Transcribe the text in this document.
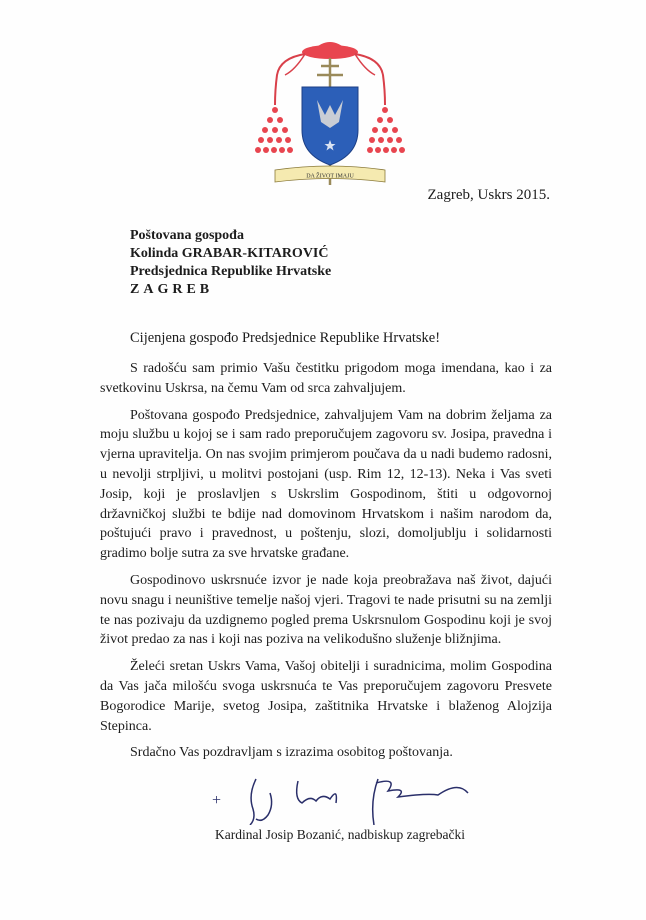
DA ŽIVOT IMAJU
Zagreb, Uskrs 2015.
Poštovana gospođa
Kolinda GRABAR-KITAROVIĆ
Predsjednica Republike Hrvatske
ZAGREB
Cijenjena gospođo Predsjednice Republike Hrvatske!

S radošću sam primio Vašu čestitku prigodom moga imendana, kao i za svetkovinu Uskrsa, na čemu Vam od srca zahvaljujem.

Poštovana gospođo Predsjednice, zahvaljujem Vam na dobrim željama za moju službu u kojoj se i sam rado preporučujem zagovoru sv. Josipa, pravedna i vjerna upravitelja. On nas svojim primjerom poučava da u nadi budemo radosni, u nevolji strpljivi, u molitvi postojani (usp. Rim 12, 12-13). Neka i Vas sveti Josip, koji je proslavljen s Uskrslim Gospodinom, štiti u odgovornoj državničkoj službi te bdije nad domovinom Hrvatskom i našim narodom da, poštujući pravo i pravednost, u poštenju, slozi, domoljublju i solidarnosti gradimo bolje sutra za sve hrvatske građane.

Gospodinovo uskrsnuće izvor je nade koja preobražava naš život, dajući novu snagu i neuništive temelje našoj vjeri. Tragovi te nade prisutni su na zemlji te nas pozivaju da uzdignemo pogled prema Uskrsnulom Gospodinu koji je svoj život predao za nas i koji nas poziva na velikodušno služenje bližnjima.

Želeći sretan Uskrs Vama, Vašoj obitelji i suradnicima, molim Gospodina da Vas jača milošću svoga uskrsnuća te Vas preporučujem zagovoru Presvete Bogorodice Marije, svetog Josipa, zaštitnika Hrvatske i blaženog Alojzija Stepinca.

Srdačno Vas pozdravljam s izrazima osobitog poštovanja.

+
Kardinal Josip Bozanić, nadbiskup zagrebački
